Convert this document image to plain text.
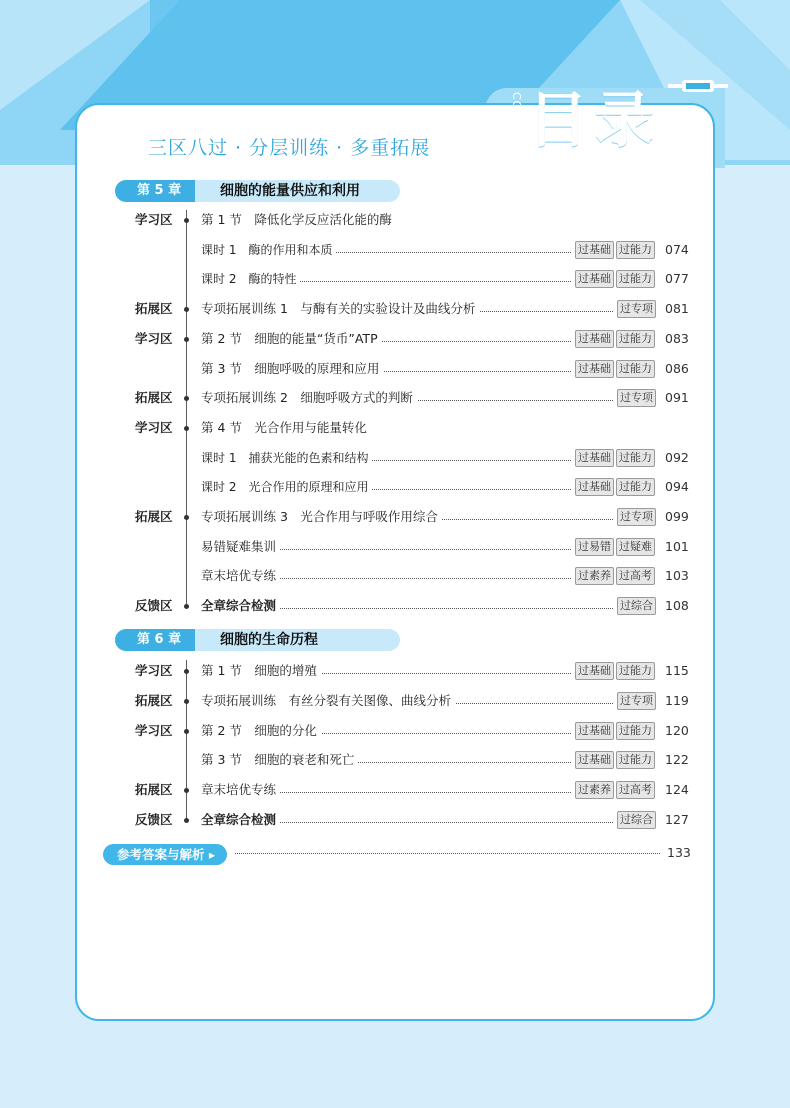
三区八过 · 分层训练 · 多重拓展	CONTENTS 目录
第 5 章	细胞的能量供应和利用
学习区 第 1 节　降低化学反应活化能的酶
课时 1　酶的作用和本质	过基础 过能力 074
课时 2　酶的特性	过基础 过能力 077
拓展区 专项拓展训练 1　与酶有关的实验设计及曲线分析	过专项 081
学习区 第 2 节　细胞的能量“货币”ATP	过基础 过能力 083
第 3 节　细胞呼吸的原理和应用	过基础 过能力 086
拓展区 专项拓展训练 2　细胞呼吸方式的判断	过专项 091
学习区 第 4 节　光合作用与能量转化
课时 1　捕获光能的色素和结构	过基础 过能力 092
课时 2　光合作用的原理和应用	过基础 过能力 094
拓展区 专项拓展训练 3　光合作用与呼吸作用综合	过专项 099
易错疑难集训	过易错 过疑难 101
章末培优专练	过素养 过高考 103
反馈区 全章综合检测	过综合 108
第 6 章	细胞的生命历程
学习区 第 1 节　细胞的增殖	过基础 过能力 115
拓展区 专项拓展训练　有丝分裂有关图像、曲线分析	过专项 119
学习区 第 2 节　细胞的分化	过基础 过能力 120
第 3 节　细胞的衰老和死亡	过基础 过能力 122
拓展区 章末培优专练	过素养 过高考 124
反馈区 全章综合检测	过综合 127
参考答案与解析 ▸	133
